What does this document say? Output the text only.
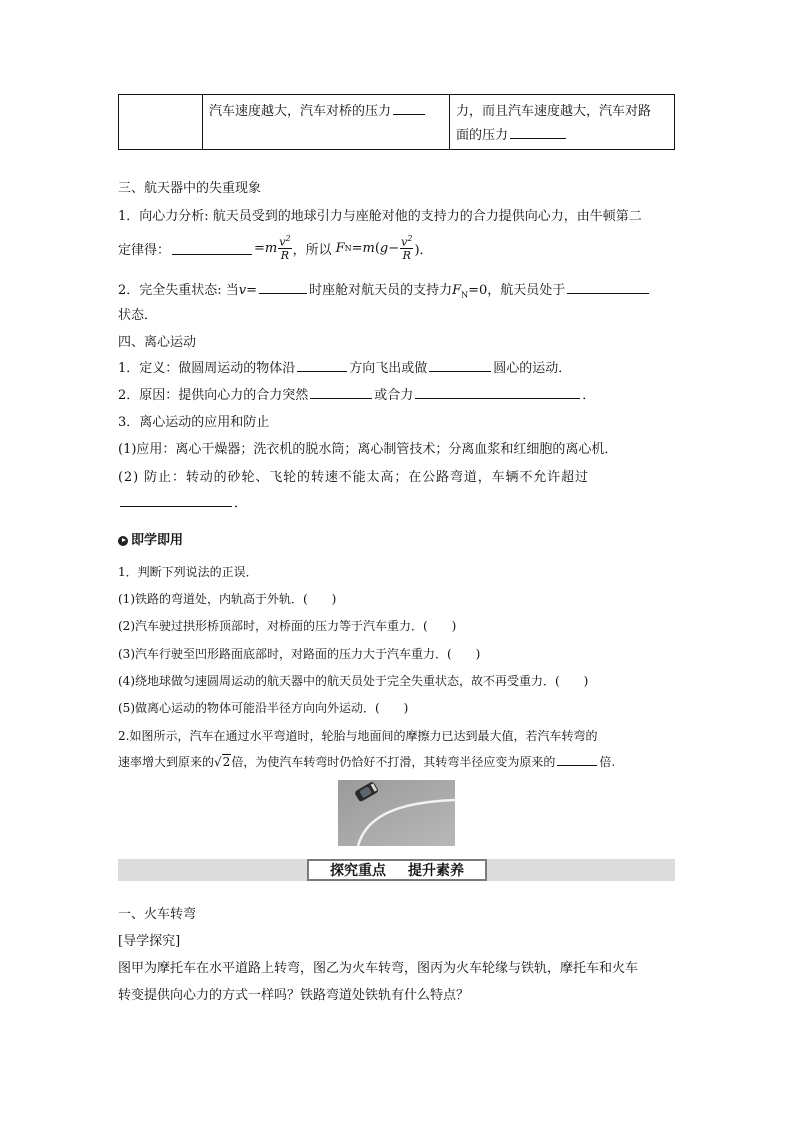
汽车速度越大，汽车对桥的压力	力，而且汽车速度越大，汽车对路
面的压力
三、航天器中的失重现象
1．向心力分析: 航天员受到的地球引力与座舱对他的支持力的合力提供向心力，由牛顿第二
定律得：	= m $\frac{v^2}{R}$ ，所以 F N = m ( $g - \frac{v^2}{R}$ )．
2．完全失重状态: 当v=	时座舱对航天员的支持力$F_N=0$，航天员处于
状态．
四、离心运动
1．定义：做圆周运动的物体沿	方向飞出或做	圆心的运动．
2．原因：提供向心力的合力突然	或合力	．
3．离心运动的应用和防止
(1)应用：离心干燥器；洗衣机的脱水筒；离心制管技术；分离血浆和红细胞的离心机．
(2) 防止：转动的砂轮、飞轮的转速不能太高；在公路弯道，车辆不允许超过
．
即学即用
1．判断下列说法的正误．
(1)铁路的弯道处，内轨高于外轨．(　　)
(2)汽车驶过拱形桥顶部时，对桥面的压力等于汽车重力．(　　)
(3)汽车行驶至凹形路面底部时，对路面的压力大于汽车重力．(　　)
(4)绕地球做匀速圆周运动的航天器中的航天员处于完全失重状态，故不再受重力．(　　)
(5)做离心运动的物体可能沿半径方向向外运动．(　　)
2.如图所示，汽车在通过水平弯道时，轮胎与地面间的摩擦力已达到最大值，若汽车转弯的
速率增大到原来的√2倍，为使汽车转弯时仍恰好不打滑，其转弯半径应变为原来的	倍.
探究重点 提升素养
一、火车转弯
[导学探究]
图甲为摩托车在水平道路上转弯，图乙为火车转弯，图丙为火车轮缘与铁轨，摩托车和火车
转变提供向心力的方式一样吗？铁路弯道处铁轨有什么特点？
